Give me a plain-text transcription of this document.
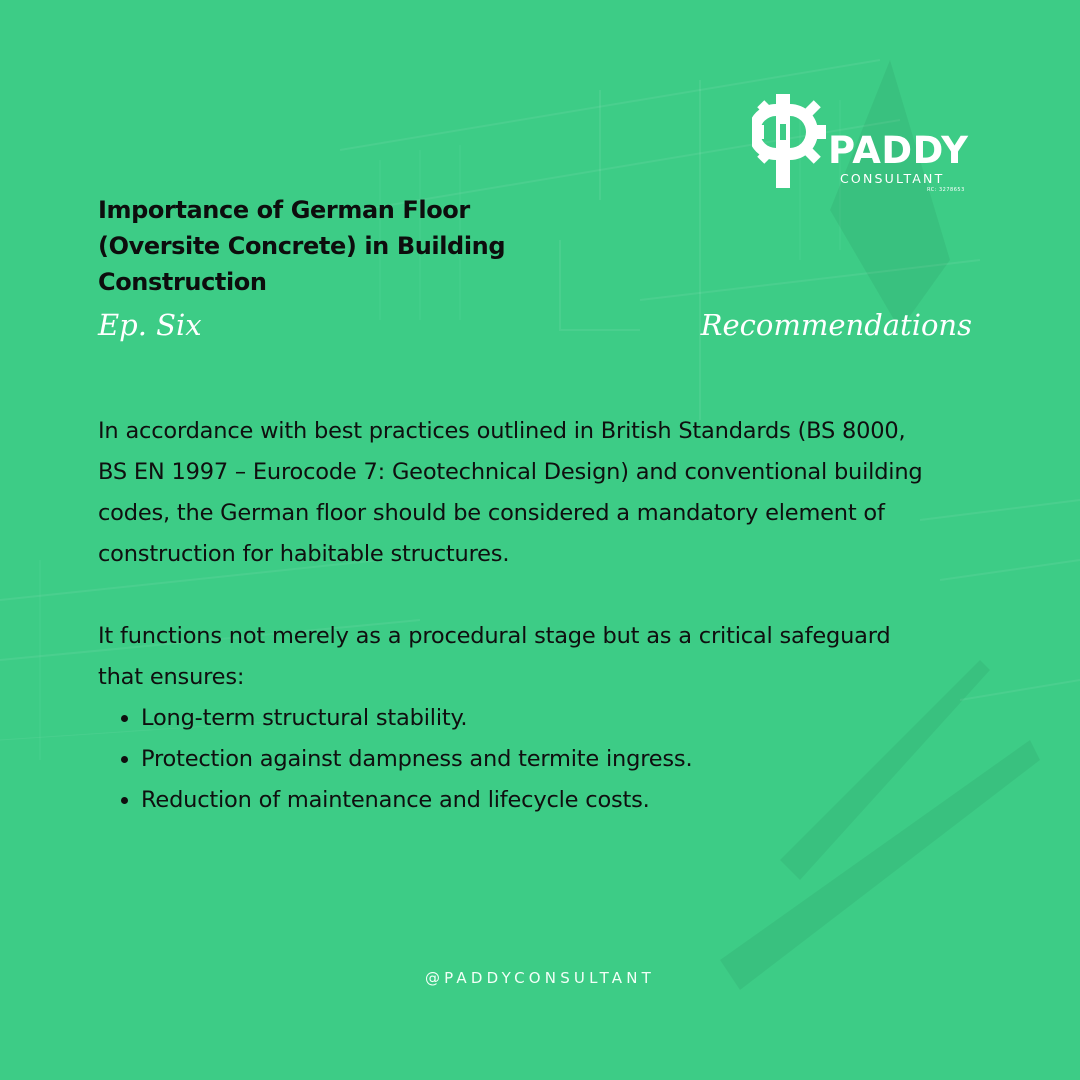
PADDY
CONSULTANT
RC: 3278653
Importance of German Floor (Oversite Concrete) in Building Construction
Ep. Six	Recommendations

In accordance with best practices outlined in British Standards (BS 8000, BS EN 1997 – Eurocode 7: Geotechnical Design) and conventional building codes, the German floor should be considered a mandatory element of construction for habitable structures.

It functions not merely as a procedural stage but as a critical safeguard that ensures:

• Long-term structural stability.
• Protection against dampness and termite ingress.
• Reduction of maintenance and lifecycle costs.
@PADDYCONSULTANT
